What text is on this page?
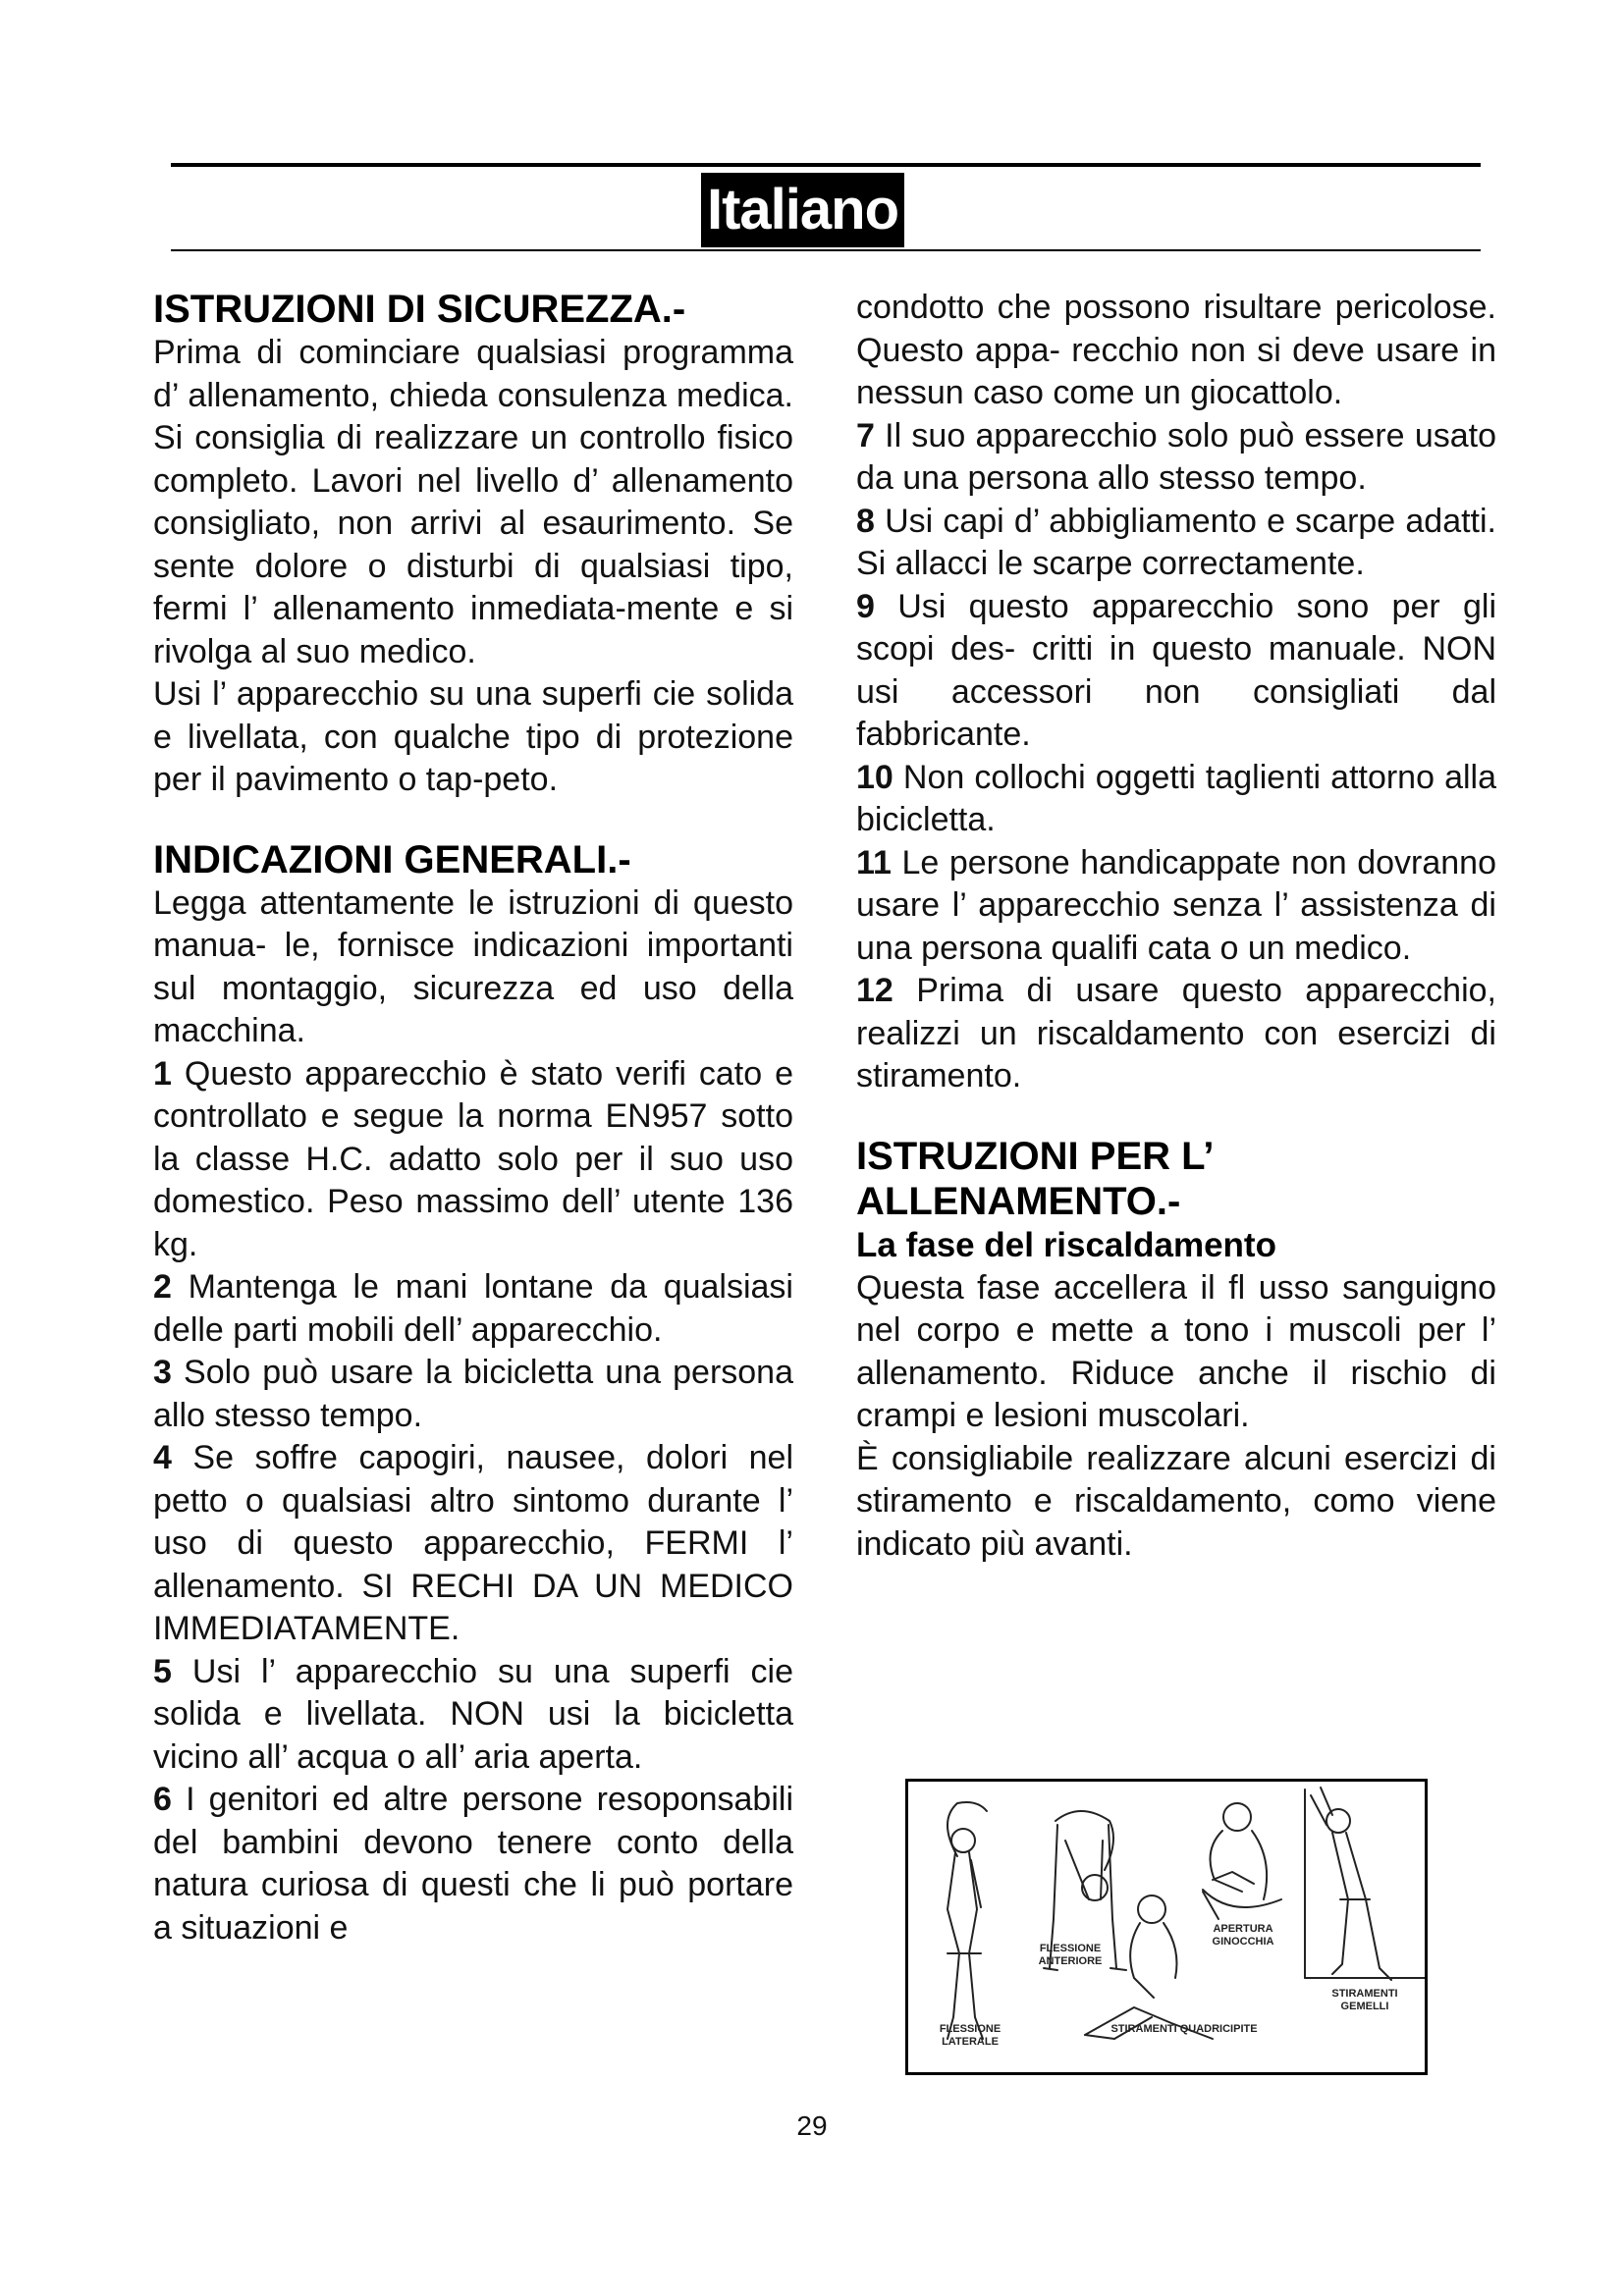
Italiano
ISTRUZIONI DI SICUREZZA.-

Prima di cominciare qualsiasi programma d’ allenamento, chieda consulenza medica. Si consiglia di realizzare un controllo fisico completo. Lavori nel livello d’ allenamento consigliato, non arrivi al esaurimento. Se sente dolore o disturbi di qualsiasi tipo, fermi l’ allenamento inmediata-mente e si rivolga al suo medico.

Usi l’ apparecchio su una superfi cie solida e livellata, con qualche tipo di protezione per il pavimento o tap-peto.

INDICAZIONI GENERALI.-

Legga attentamente le istruzioni di questo manua- le, fornisce indicazioni importanti sul montaggio, sicurezza ed uso della macchina.

1 Questo apparecchio è stato verifi cato e controllato e segue la norma EN957 sotto la classe H.C. adatto solo per il suo uso domestico. Peso massimo dell’ utente 136 kg.

2 Mantenga le mani lontane da qualsiasi delle parti mobili dell’ apparecchio.

3 Solo può usare la bicicletta una persona allo stesso tempo.

4 Se soffre capogiri, nausee, dolori nel petto o qualsiasi altro sintomo durante l’ uso di questo apparecchio, FERMI l’ allenamento. SI RECHI DA UN MEDICO IMMEDIATAMENTE.

5 Usi l’ apparecchio su una superfi cie solida e livellata. NON usi la bicicletta vicino all’ acqua o all’ aria aperta.

6 I genitori ed altre persone resoponsabili del bambini devono tenere conto della natura curiosa di questi che li può portare a situazioni e

condotto che possono risultare pericolose. Questo appa- recchio non si deve usare in nessun caso come un giocattolo.

7 Il suo apparecchio solo può essere usato da una persona allo stesso tempo.

8 Usi capi d’ abbigliamento e scarpe adatti. Si allacci le scarpe correctamente.

9 Usi questo apparecchio sono per gli scopi des- critti in questo manuale. NON usi accessori non consigliati dal fabbricante.

10 Non collochi oggetti taglienti attorno alla bicicletta.

11 Le persone handicappate non dovranno usare l’ apparecchio senza l’ assistenza di una persona qualifi cata o un medico.

12 Prima di usare questo apparecchio, realizzi un riscaldamento con esercizi di stiramento.

ISTRUZIONI PER L’
ALLENAMENTO.-
La fase del riscaldamento

Questa fase accellera il fl usso sanguigno nel corpo e mette a tono i muscoli per l’ allenamento. Riduce anche il rischio di crampi e lesioni muscolari.

È consigliabile realizzare alcuni esercizi di stiramento e riscaldamento, como viene indicato più avanti.

FLESSIONE
LATERALE
FLESSIONE
ANTERIORE
APERTURA
GINOCCHIA
STIRAMENTI QUADRICIPITE
STIRAMENTI
GEMELLI
29
